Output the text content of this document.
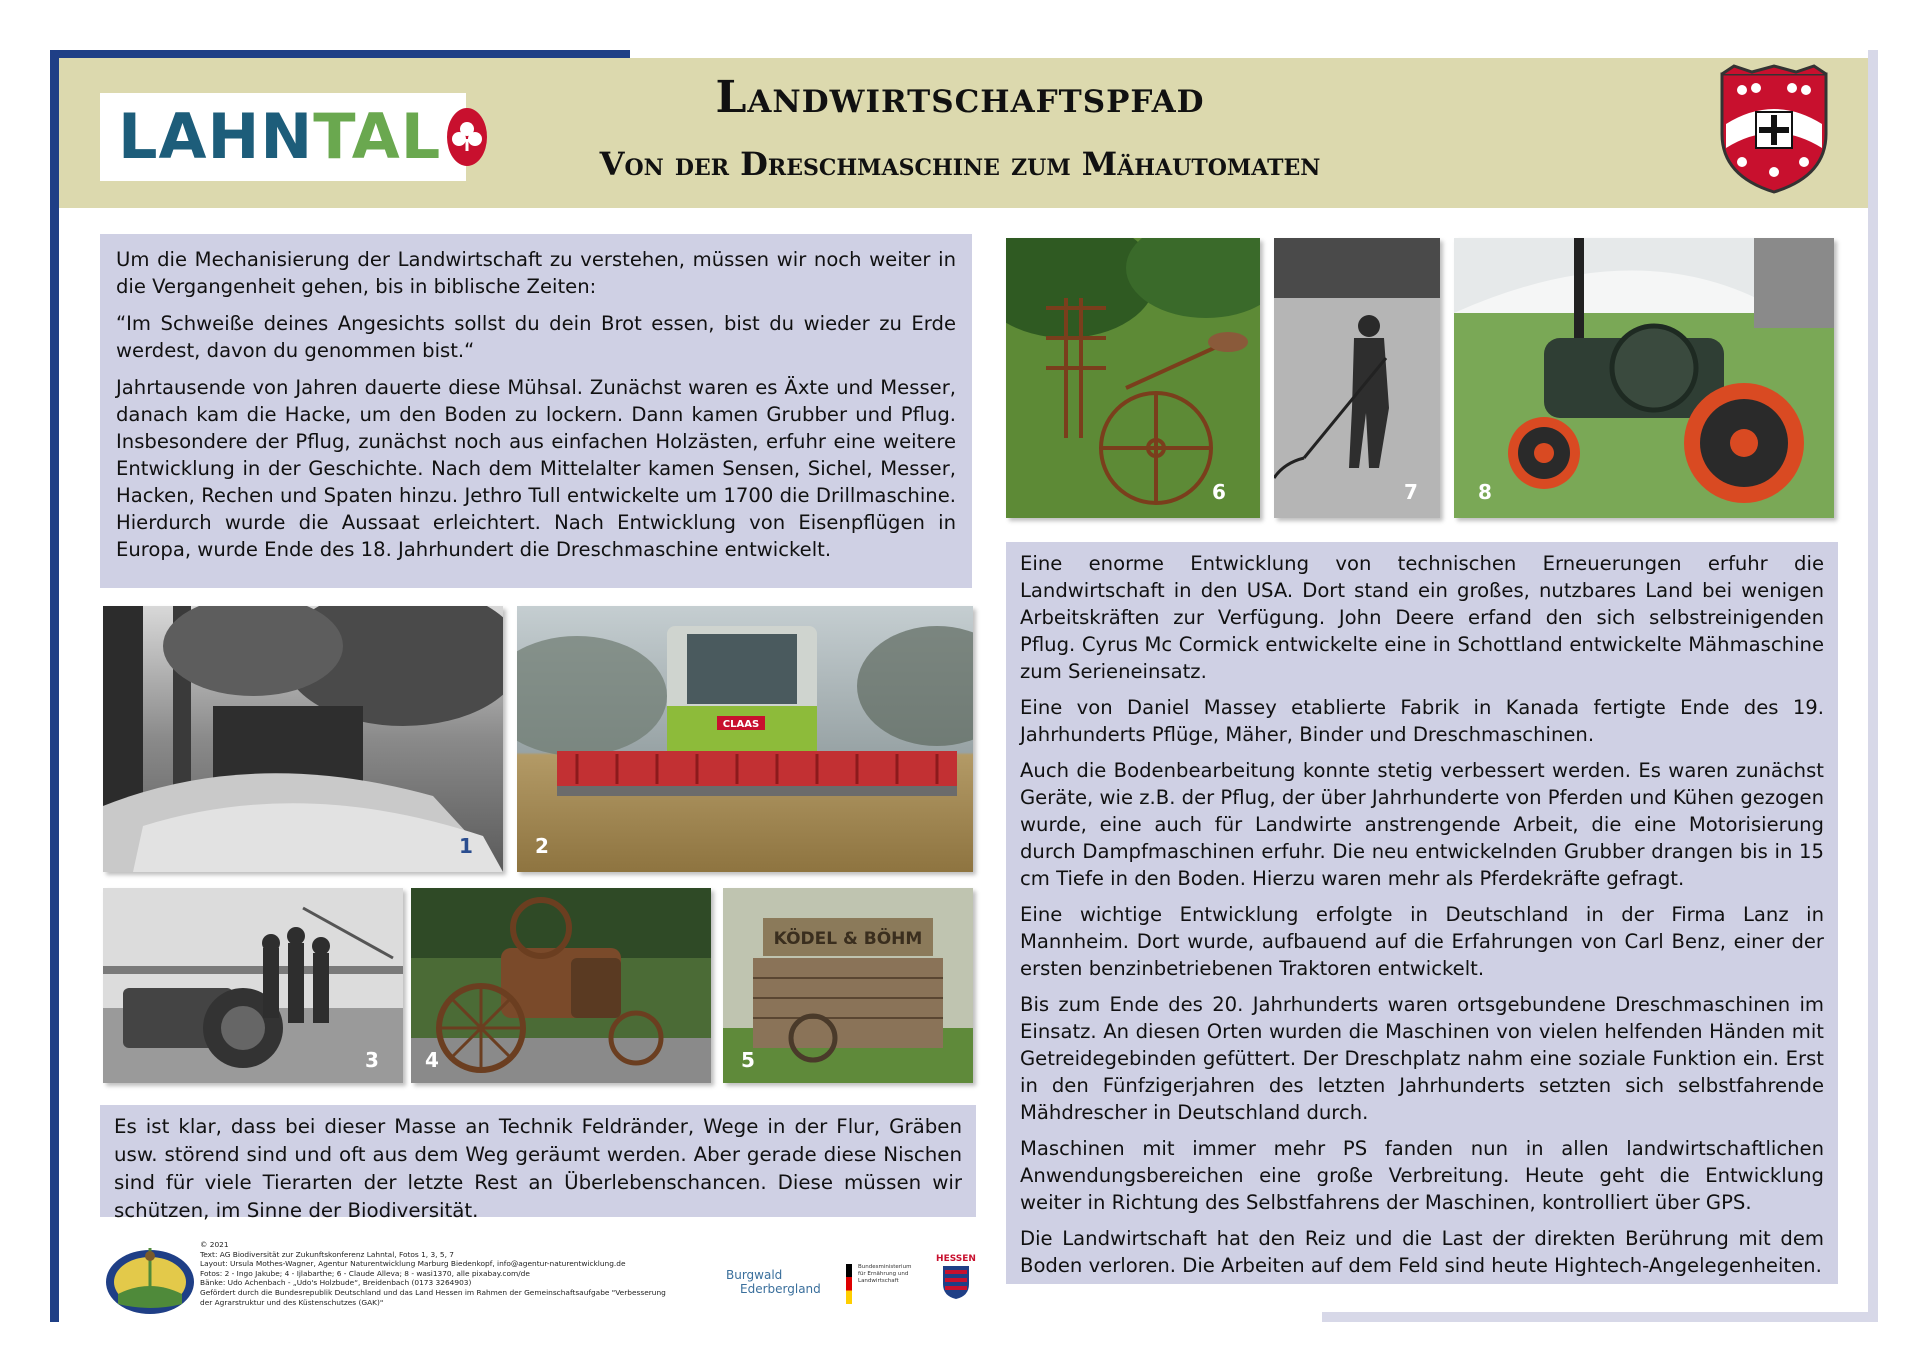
LAHNTAL
Landwirtschaftspfad
Von der Dreschmaschine zum Mähautomaten

Um die Mechanisierung der Landwirtschaft zu verstehen, müssen wir noch weiter in die Vergangenheit gehen, bis in biblische Zeiten:

“Im Schweiße deines Angesichts sollst du dein Brot essen, bist du wieder zu Erde werdest, davon du genommen bist.“

Jahrtausende von Jahren dauerte diese Mühsal. Zunächst waren es Äxte und Messer, danach kam die Hacke, um den Boden zu lockern. Dann kamen Grubber und Pflug. Insbesondere der Pflug, zunächst noch aus einfachen Holzästen, erfuhr eine weitere Entwicklung in der Geschichte. Nach dem Mittelalter kamen Sensen, Sichel, Messer, Hacken, Rechen und Spaten hinzu. Jethro Tull entwickelte um 1700 die Drillmaschine. Hierdurch wurde die Aussaat erleichtert. Nach Entwicklung von Eisenpflügen in Europa, wurde Ende des 18. Jahrhundert die Dreschmaschine entwickelt.

1
CLAAS
2
3 4
KÖDEL & BÖHM
5

Es ist klar, dass bei dieser Masse an Technik Feldränder, Wege in der Flur, Gräben usw. störend sind und oft aus dem Weg geräumt werden. Aber gerade diese Nischen sind für viele Tierarten der letzte Rest an Überlebenschancen. Diese müssen wir schützen, im Sinne der Biodiversität.

6	7	8

Eine enorme Entwicklung von technischen Erneuerungen erfuhr die Landwirtschaft in den USA. Dort stand ein großes, nutzbares Land bei wenigen Arbeitskräften zur Verfügung. John Deere erfand den sich selbstreinigenden Pflug. Cyrus Mc Cormick entwickelte eine in Schottland entwickelte Mähmaschine zum Serieneinsatz.

Eine von Daniel Massey etablierte Fabrik in Kanada fertigte Ende des 19. Jahrhunderts Pflüge, Mäher, Binder und Dreschmaschinen.

Auch die Bodenbearbeitung konnte stetig verbessert werden. Es waren zunächst Geräte, wie z.B. der Pflug, der über Jahrhunderte von Pferden und Kühen gezogen wurde, eine auch für Landwirte anstrengende Arbeit, die eine Motorisierung durch Dampfmaschinen erfuhr. Die neu entwickelnden Grubber drangen bis in 15 cm Tiefe in den Boden. Hierzu waren mehr als Pferdekräfte gefragt.

Eine wichtige Entwicklung erfolgte in Deutschland in der Firma Lanz in Mannheim. Dort wurde, aufbauend auf die Erfahrungen von Carl Benz, einer der ersten benzinbetriebenen Traktoren entwickelt.

Bis zum Ende des 20. Jahrhunderts waren ortsgebundene Dreschmaschinen im Einsatz. An diesen Orten wurden die Maschinen von vielen helfenden Händen mit Getreidegebinden gefüttert. Der Dreschplatz nahm eine soziale Funktion ein. Erst in den Fünfzigerjahren des letzten Jahrhunderts setzten sich selbstfahrende Mähdrescher in Deutschland durch.

Maschinen mit immer mehr PS fanden nun in allen landwirtschaftlichen Anwendungsbereichen eine große Verbreitung. Heute geht die Entwicklung weiter in Richtung des Selbstfahrens der Maschinen, kontrolliert über GPS.

Die Landwirtschaft hat den Reiz und die Last der direkten Berührung mit dem Boden verloren. Die Arbeiten auf dem Feld sind heute Hightech-Angelegenheiten.

© 2021
Text: AG Biodiversität zur Zukunftskonferenz Lahntal, Fotos 1, 3, 5, 7
Layout: Ursula Mothes-Wagner, Agentur Naturentwicklung Marburg Biedenkopf, info@agentur-naturentwicklung.de
Fotos: 2 - Ingo Jakube; 4 - Ijlabarthe; 6 - Claude Alleva; 8 - wasi1370, alle pixabay.com/de
Bänke: Udo Achenbach - „Udo's Holzbude“, Breidenbach (0173 3264903)
Gefördert durch die Bundesrepublik Deutschland und das Land Hessen im Rahmen der Gemeinschaftsaufgabe "Verbesserung
der Agrarstruktur und des Küstenschutzes (GAK)"
Burgwald
Ederbergland
Bundesministerium für Ernährung und Landwirtschaft
HESSEN
